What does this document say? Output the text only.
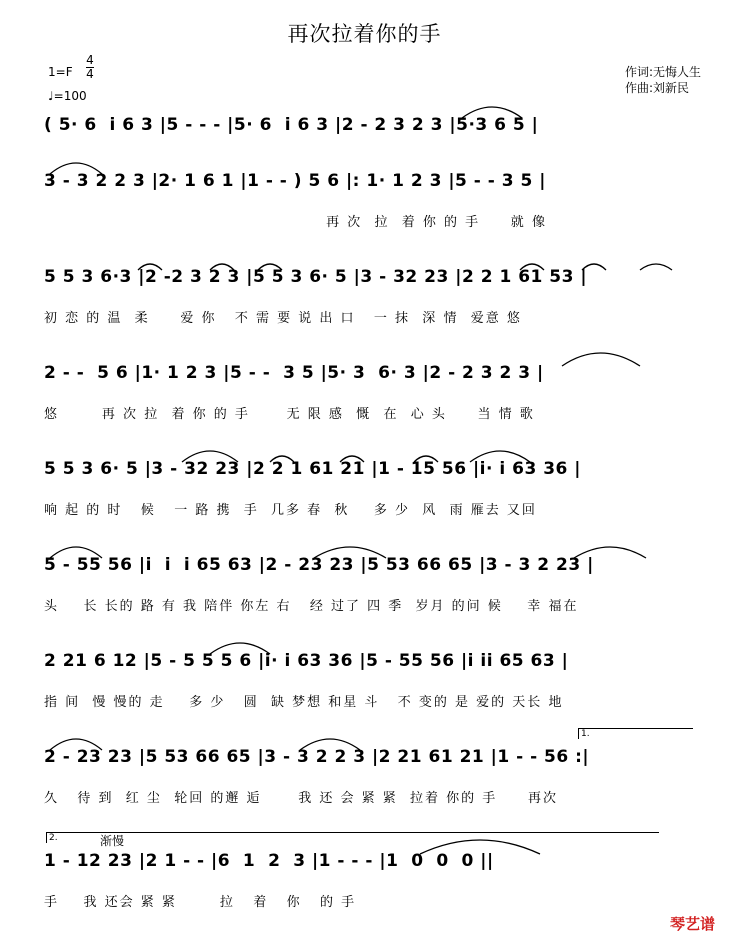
再次拉着你的手
1=F
4
4
♩=100
作词:无悔人生
作曲:刘新民
( 5· 6  i 6 3 |5 - - - |5· 6  i 6 3 |2 - 2 3 2 3 |5·3 6 5 |
3 - 3 2 2 3 |2· 1 6 1 |1 - - ) 5 6 |: 1· 1 2 3 |5 - - 3 5 |
再 次  拉  着 你 的 手     就 像
5 5 3 6·3 |2 -2 3 2 3 |5 5 3 6· 5 |3 - 32 23 |2 2 1 61 53 |
初 恋 的 温  柔     爱 你   不 需 要 说 出 口   一 抹  深 情  爱意 悠
2 - -  5 6 |1· 1 2 3 |5 - -  3 5 |5· 3  6· 3 |2 - 2 3 2 3 |
悠       再 次 拉  着 你 的 手      无 限 感  慨  在  心 头     当 情 歌
5 5 3 6· 5 |3 - 32 23 |2 2 1 61 21 |1 - 15 56 |i· i 63 36 |
响 起 的 时   候   一 路 携  手  几多 春  秋    多 少  风  雨 雁去 又回
5 - 55 56 |i  i  i 65 63 |2 - 23 23 |5 53 66 65 |3 - 3 2 23 |
头    长 长的 路 有 我 陪伴 你左 右   经 过了 四 季  岁月 的问 候    幸 福在
2 21 6 12 |5 - 5 5 5 6 |i· i 63 36 |5 - 55 56 |i ii 65 63 |
指 间  慢 慢的 走    多 少   圆  缺 梦想 和星 斗   不 变的 是 爱的 天长 地
2 - 23 23 |5 53 66 65 |3 - 3 2 2 3 |2 21 61 21 |1 - - 56 :|
久   待 到  红 尘  轮回 的邂 逅      我 还 会 紧 紧  拉着 你的 手     再次
1.
1 - 12 23 |2 1 - - |6  1  2  3 |1 - - - |1  0  0  0 ||
手    我 还会 紧 紧       拉   着   你   的 手
2.	渐慢
琴艺谱
